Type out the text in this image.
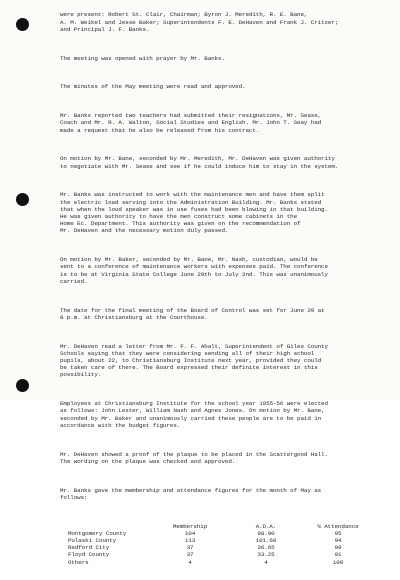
were present: Robert St. Clair, Chairman; Byron J. Meredith, R. E. Bane,
A. M. Weikel and Jesse Baker; Superintendents F. E. DeHaven and Frank J. Critzer;
and Principal J. F. Banks.

The meeting was opened with prayer by Mr. Banks.

The minutes of the May meeting were read and approved.

Mr. Banks reported two teachers had submitted their resignations, Mr. Sease,
Coach and Mr. R. A. Walton, Social Studies and English. Mr. John T. Seay had
made a request that he also be released from his contract.

On motion by Mr. Bane, seconded by Mr. Meredith, Mr. DeHaven was given authority
to negotiate with Mr. Sease and see if he could induce him to stay in the system.

Mr. Banks was instructed to work with the maintenance men and have them split
the electric load serving into the Administration Building. Mr. Banks stated
that when the loud speaker was in use fuses had been blowing in that building.
He was given authority to have the men construct some cabinets in the
Home Ec. Department. This authority was given on the recommendation of
Mr. DeHaven and the necessary motion duly passed.

On motion by Mr. Baker, seconded by Mr. Bane, Mr. Nash, custodian, would be
sent to a conference of maintenance workers with expenses paid. The conference
is to be at Virginia State College June 29th to July 2nd. This was unanimously
carried.

The date for the final meeting of the Board of Control was set for June 29 at
8 p.m. at Christiansburg at the Courthouse.

Mr. DeHaven read a letter from Mr. F. F. Ahalt, Superintendent of Giles County
Schools saying that they were considering sending all of their high school
pupils, about 22, to Christiansburg Institute next year, provided they could
be taken care of there. The Board expressed their definite interest in this
possibility.

Employees at Christiansburg Institute for the school year 1955-56 were elected
as follows: John Lester, William Nash and Agnes Jones. On motion by Mr. Bane,
seconded by Mr. Baker and unanimously carried these people are to be paid in
accordance with the budget figures.

Mr. DeHaven showed a proof of the plaque to be placed in the Scattergood Hall.
The wording on the plaque was checked and approved.

Mr. Banks gave the membership and attendance figures for the month of May as
follows:

	Membership	A.D.A.	% Attendance
Montgomery County	104	98.90	95
Pulaski County	113	101.60	94
Radford City	37	36.65	99
Floyd County	37	33.25	91
Others	4	4	100
